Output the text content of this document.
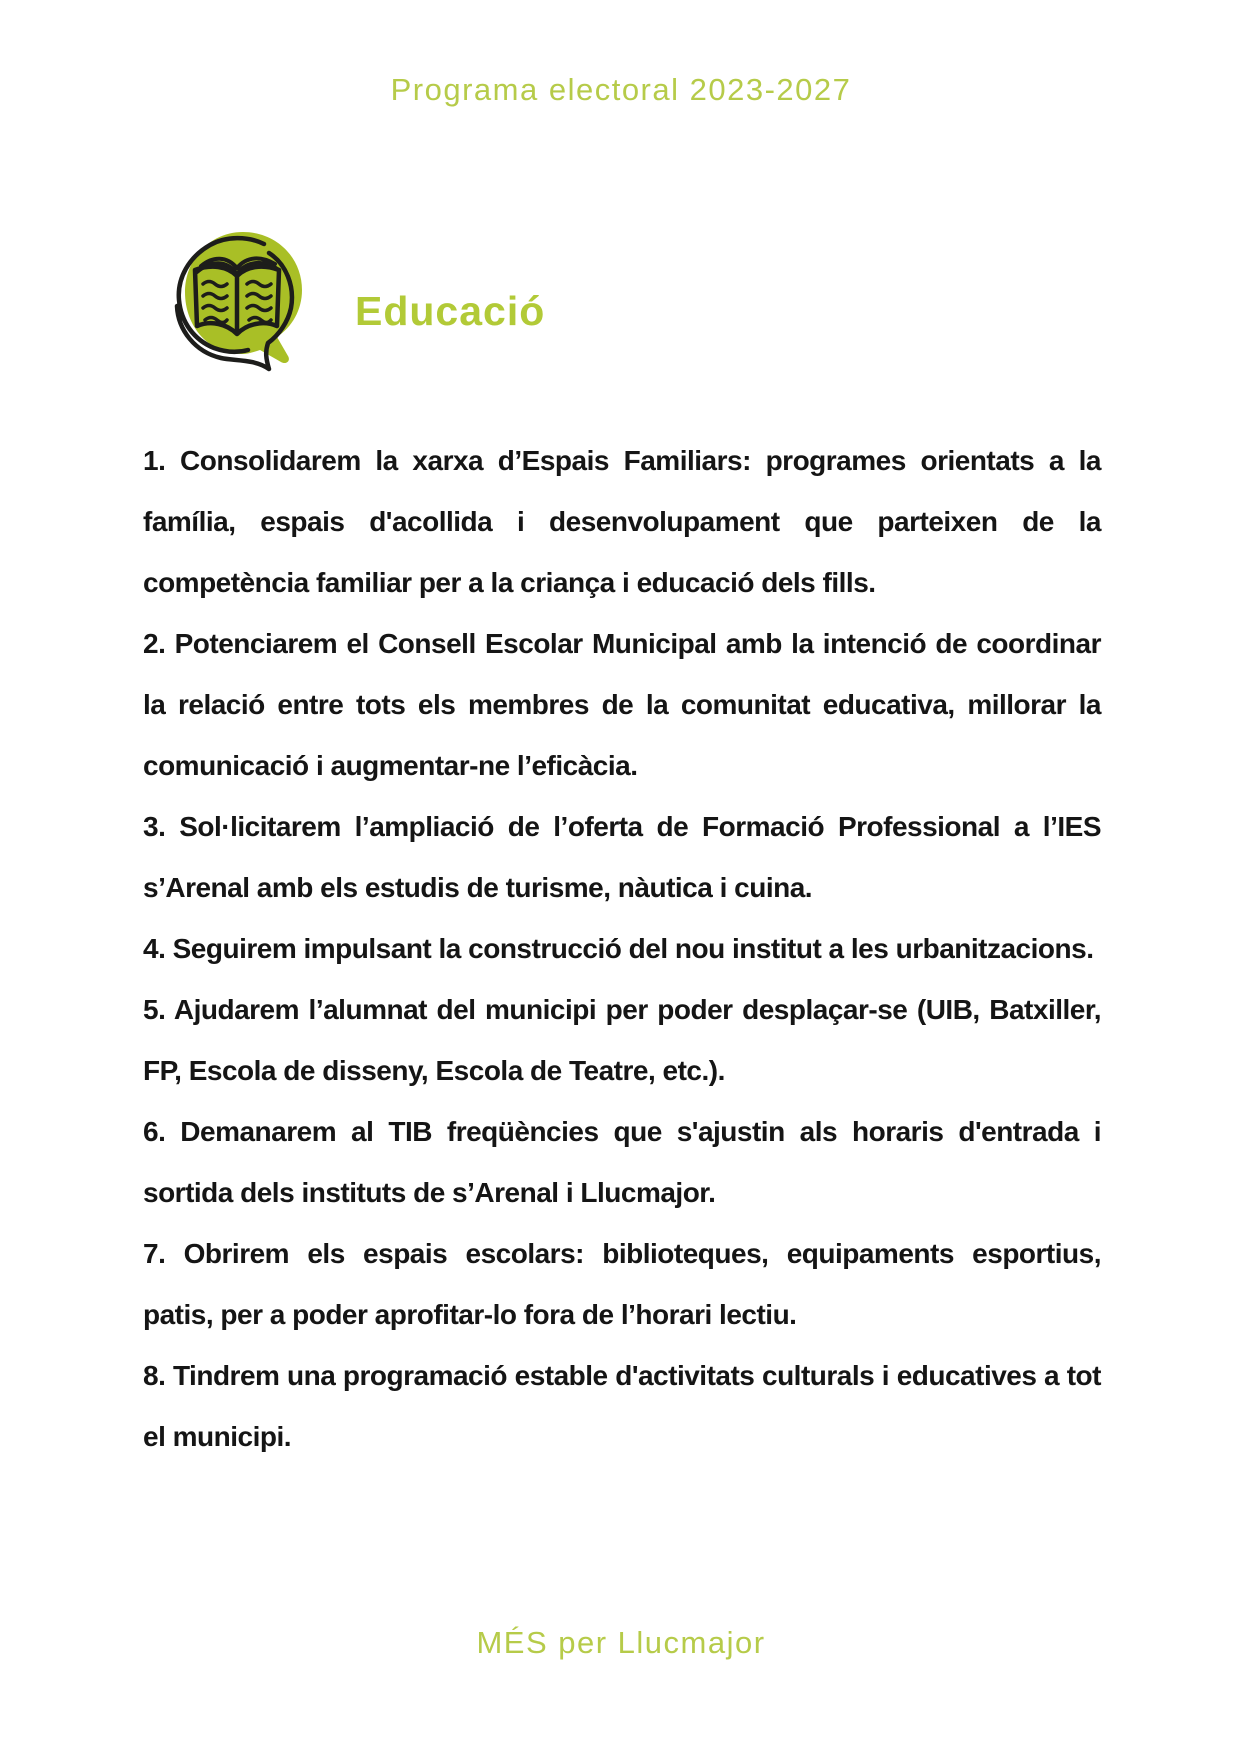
Programa electoral 2023-2027
Educació

1. Consolidarem la xarxa d’Espais Familiars: programes orientats a la família, espais d'acollida i desenvolupament que parteixen de la competència familiar per a la criança i educació dels fills.

2. Potenciarem el Consell Escolar Municipal amb la intenció de coordinar la relació entre tots els membres de la comunitat educativa, millorar la comunicació i augmentar-ne l’eficàcia.

3. Sol·licitarem l’ampliació de l’oferta de Formació Professional a l’IES s’Arenal amb els estudis de turisme, nàutica i cuina.

4. Seguirem impulsant la construcció del nou institut a les urbanitzacions.

5. Ajudarem l’alumnat del municipi per poder desplaçar-se (UIB, Batxiller, FP, Escola de disseny, Escola de Teatre, etc.).

6. Demanarem al TIB freqüències que s'ajustin als horaris d'entrada i sortida dels instituts de s’Arenal i Llucmajor.

7. Obrirem els espais escolars: biblioteques, equipaments esportius, patis, per a poder aprofitar-lo fora de l’horari lectiu.

8. Tindrem una programació estable d'activitats culturals i educatives a tot el municipi.

MÉS per Llucmajor
